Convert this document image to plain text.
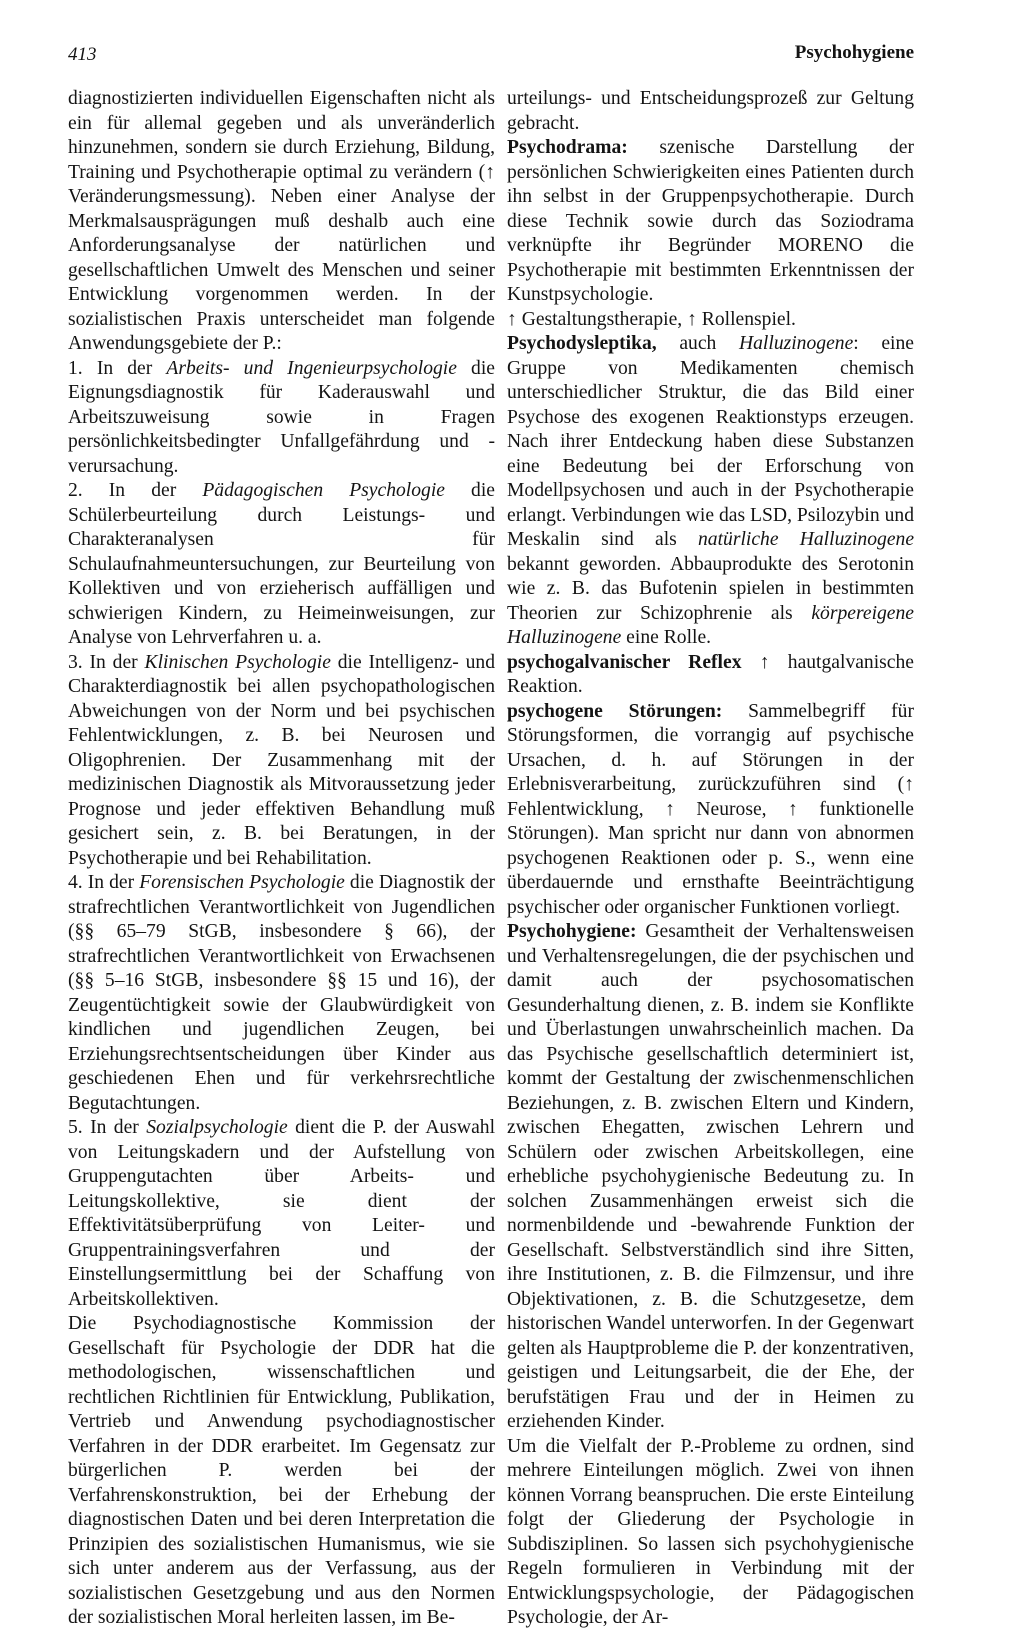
413	Psychohygiene

diagnostizierten individuellen Eigenschaften nicht als ein für allemal gegeben und als unveränderlich hinzunehmen, sondern sie durch Erziehung, Bildung, Training und Psychotherapie optimal zu verändern (↑ Veränderungsmessung). Neben einer Analyse der Merkmalsausprägungen muß deshalb auch eine Anforderungsanalyse der natürlichen und gesellschaftlichen Umwelt des Menschen und seiner Entwicklung vorgenommen werden. In der sozialistischen Praxis unterscheidet man folgende Anwendungsgebiete der P.:

1. In der Arbeits- und Ingenieurpsychologie die Eignungsdiagnostik für Kaderauswahl und Arbeitszuweisung sowie in Fragen persönlichkeitsbedingter Unfallgefährdung und -verursachung.

2. In der Pädagogischen Psychologie die Schülerbeurteilung durch Leistungs- und Charakteranalysen für Schulaufnahmeuntersuchungen, zur Beurteilung von Kollektiven und von erzieherisch auffälligen und schwierigen Kindern, zu Heimeinweisungen, zur Analyse von Lehrverfahren u. a.

3. In der Klinischen Psychologie die Intelligenz- und Charakterdiagnostik bei allen psychopathologischen Abweichungen von der Norm und bei psychischen Fehlentwicklungen, z. B. bei Neurosen und Oligophrenien. Der Zusammenhang mit der medizinischen Diagnostik als Mitvoraussetzung jeder Prognose und jeder effektiven Behandlung muß gesichert sein, z. B. bei Beratungen, in der Psychotherapie und bei Rehabilitation.

4. In der Forensischen Psychologie die Diagnostik der strafrechtlichen Verantwortlichkeit von Jugendlichen (§§ 65–79 StGB, insbesondere § 66), der strafrechtlichen Verantwortlichkeit von Erwachsenen (§§ 5–16 StGB, insbesondere §§ 15 und 16), der Zeugentüchtigkeit sowie der Glaubwürdigkeit von kindlichen und jugendlichen Zeugen, bei Erziehungsrechtsentscheidungen über Kinder aus geschiedenen Ehen und für verkehrsrechtliche Begutachtungen.

5. In der Sozialpsychologie dient die P. der Auswahl von Leitungskadern und der Aufstellung von Gruppengutachten über Arbeits- und Leitungskollektive, sie dient der Effektivitätsüberprüfung von Leiter- und Gruppentrainingsverfahren und der Einstellungsermittlung bei der Schaffung von Arbeitskollektiven.

Die Psychodiagnostische Kommission der Gesellschaft für Psychologie der DDR hat die methodologischen, wissenschaftlichen und rechtlichen Richtlinien für Entwicklung, Publikation, Vertrieb und Anwendung psychodiagnostischer Verfahren in der DDR erarbeitet. Im Gegensatz zur bürgerlichen P. werden bei der Verfahrenskonstruktion, bei der Erhebung der diagnostischen Daten und bei deren Interpretation die Prinzipien des sozialistischen Humanismus, wie sie sich unter anderem aus der Verfassung, aus der sozialistischen Gesetzgebung und aus den Normen der sozialistischen Moral herleiten lassen, im Be-

urteilungs- und Entscheidungsprozeß zur Geltung gebracht.

Psychodrama: szenische Darstellung der persönlichen Schwierigkeiten eines Patienten durch ihn selbst in der Gruppenpsychotherapie. Durch diese Technik sowie durch das Soziodrama verknüpfte ihr Begründer MORENO die Psychotherapie mit bestimmten Erkenntnissen der Kunstpsychologie.

↑ Gestaltungstherapie, ↑ Rollenspiel.

Psychodysleptika, auch Halluzinogene: eine Gruppe von Medikamenten chemisch unterschiedlicher Struktur, die das Bild einer Psychose des exogenen Reaktionstyps erzeugen. Nach ihrer Entdeckung haben diese Substanzen eine Bedeutung bei der Erforschung von Modellpsychosen und auch in der Psychotherapie erlangt. Verbindungen wie das LSD, Psilozybin und Meskalin sind als natürliche Halluzinogene bekannt geworden. Abbauprodukte des Serotonin wie z. B. das Bufotenin spielen in bestimmten Theorien zur Schizophrenie als körpereigene Halluzinogene eine Rolle.

psychogalvanischer Reflex ↑ hautgalvanische Reaktion.

psychogene Störungen: Sammelbegriff für Störungsformen, die vorrangig auf psychische Ursachen, d. h. auf Störungen in der Erlebnisverarbeitung, zurückzuführen sind (↑ Fehlentwicklung, ↑ Neurose, ↑ funktionelle Störungen). Man spricht nur dann von abnormen psychogenen Reaktionen oder p. S., wenn eine überdauernde und ernsthafte Beeinträchtigung psychischer oder organischer Funktionen vorliegt.

Psychohygiene: Gesamtheit der Verhaltensweisen und Verhaltensregelungen, die der psychischen und damit auch der psychosomatischen Gesunderhaltung dienen, z. B. indem sie Konflikte und Überlastungen unwahrscheinlich machen. Da das Psychische gesellschaftlich determiniert ist, kommt der Gestaltung der zwischenmenschlichen Beziehungen, z. B. zwischen Eltern und Kindern, zwischen Ehegatten, zwischen Lehrern und Schülern oder zwischen Arbeitskollegen, eine erhebliche psychohygienische Bedeutung zu. In solchen Zusammenhängen erweist sich die normenbildende und -bewahrende Funktion der Gesellschaft. Selbstverständlich sind ihre Sitten, ihre Institutionen, z. B. die Filmzensur, und ihre Objektivationen, z. B. die Schutzgesetze, dem historischen Wandel unterworfen. In der Gegenwart gelten als Hauptprobleme die P. der konzentrativen, geistigen und Leitungsarbeit, die der Ehe, der berufstätigen Frau und der in Heimen zu erziehenden Kinder.

Um die Vielfalt der P.-Probleme zu ordnen, sind mehrere Einteilungen möglich. Zwei von ihnen können Vorrang beanspruchen. Die erste Einteilung folgt der Gliederung der Psychologie in Subdisziplinen. So lassen sich psychohygienische Regeln formulieren in Verbindung mit der Entwicklungspsychologie, der Pädagogischen Psychologie, der Ar-
